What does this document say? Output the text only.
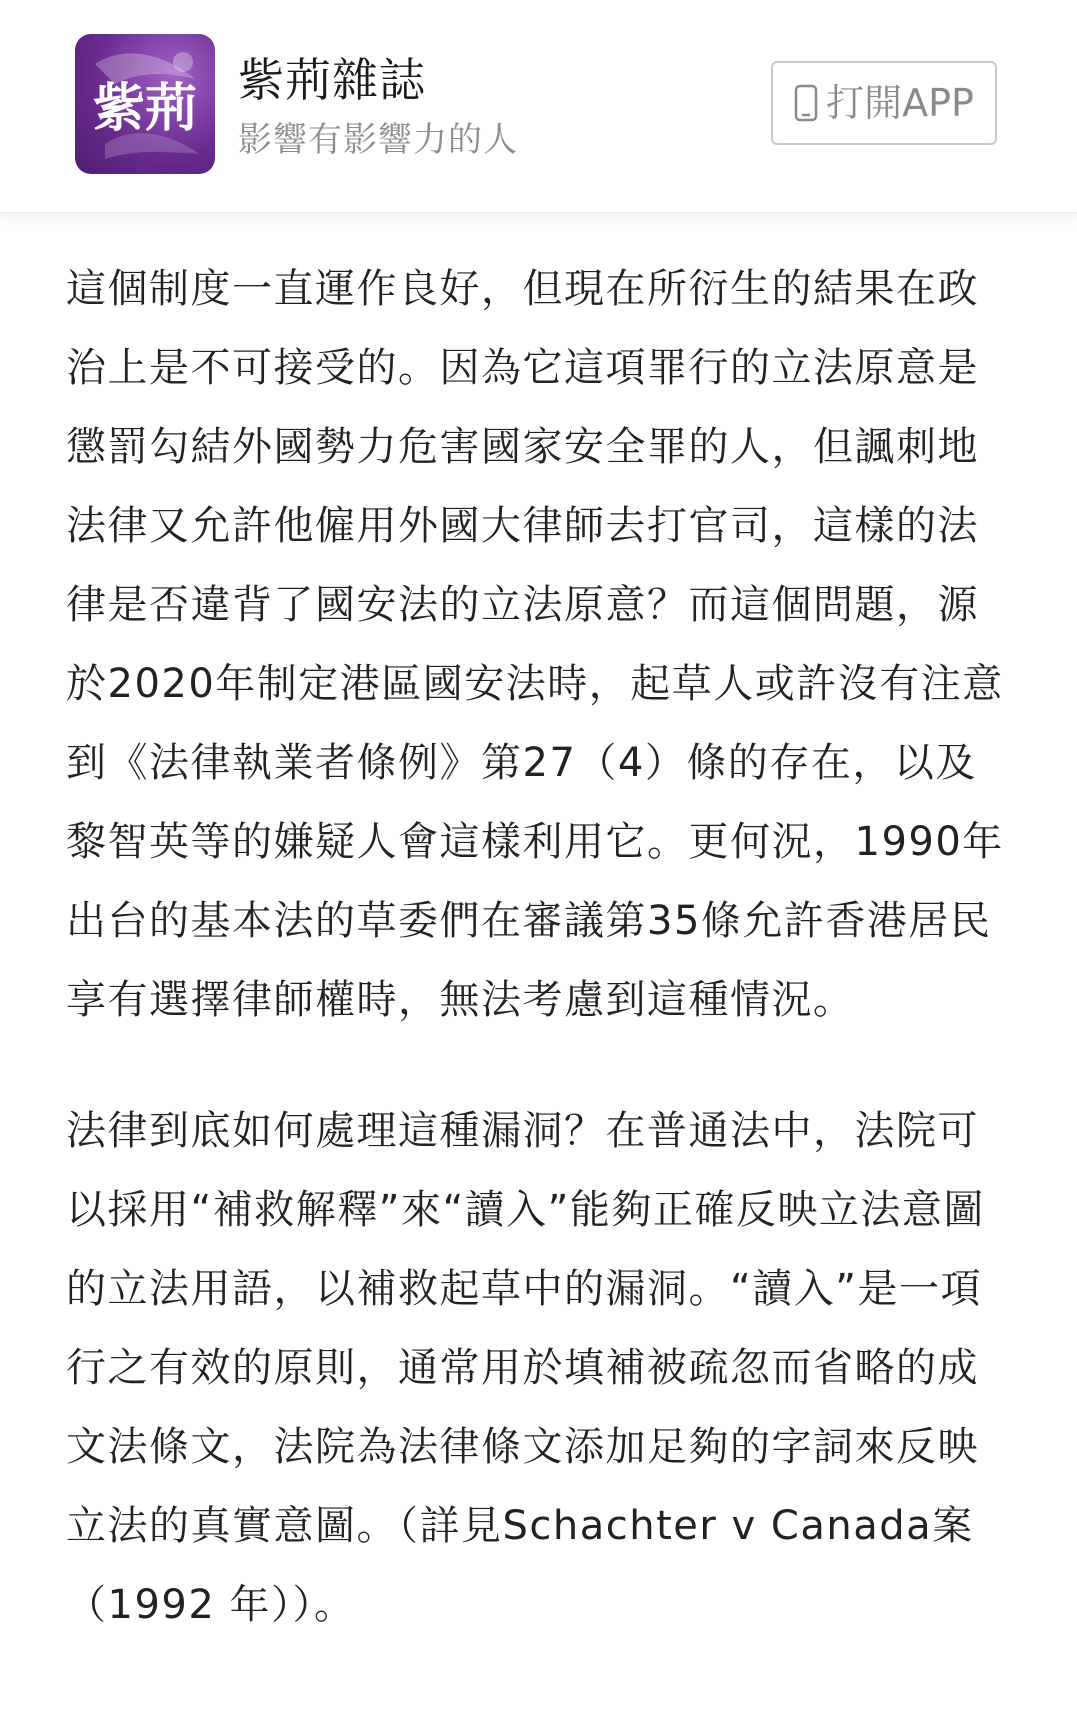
紫荊 紫荊雜誌
影響有影響力的人
打開APP

這個制度一直運作良好，但現在所衍生的結果在政治上是不可接受的。因為它這項罪行的立法原意是懲罰勾結外國勢力危害國家安全罪的人，但諷刺地法律又允許他僱用外國大律師去打官司，這樣的法律是否違背了國安法的立法原意？而這個問題，源於2020年制定港區國安法時，起草人或許沒有注意到《法律執業者條例》第27（4）條的存在，以及黎智英等的嫌疑人會這樣利用它。更何況，1990年出台的基本法的草委們在審議第35條允許香港居民享有選擇律師權時，無法考慮到這種情況。

法律到底如何處理這種漏洞？在普通法中，法院可以採用“補救解釋”來“讀入”能夠正確反映立法意圖的立法用語，以補救起草中的漏洞。“讀入”是一項行之有效的原則，通常用於填補被疏忽而省略的成文法條文，法院為法律條文添加足夠的字詞來反映立法的真實意圖。（詳見Schachter v Canada案（1992 年））。
